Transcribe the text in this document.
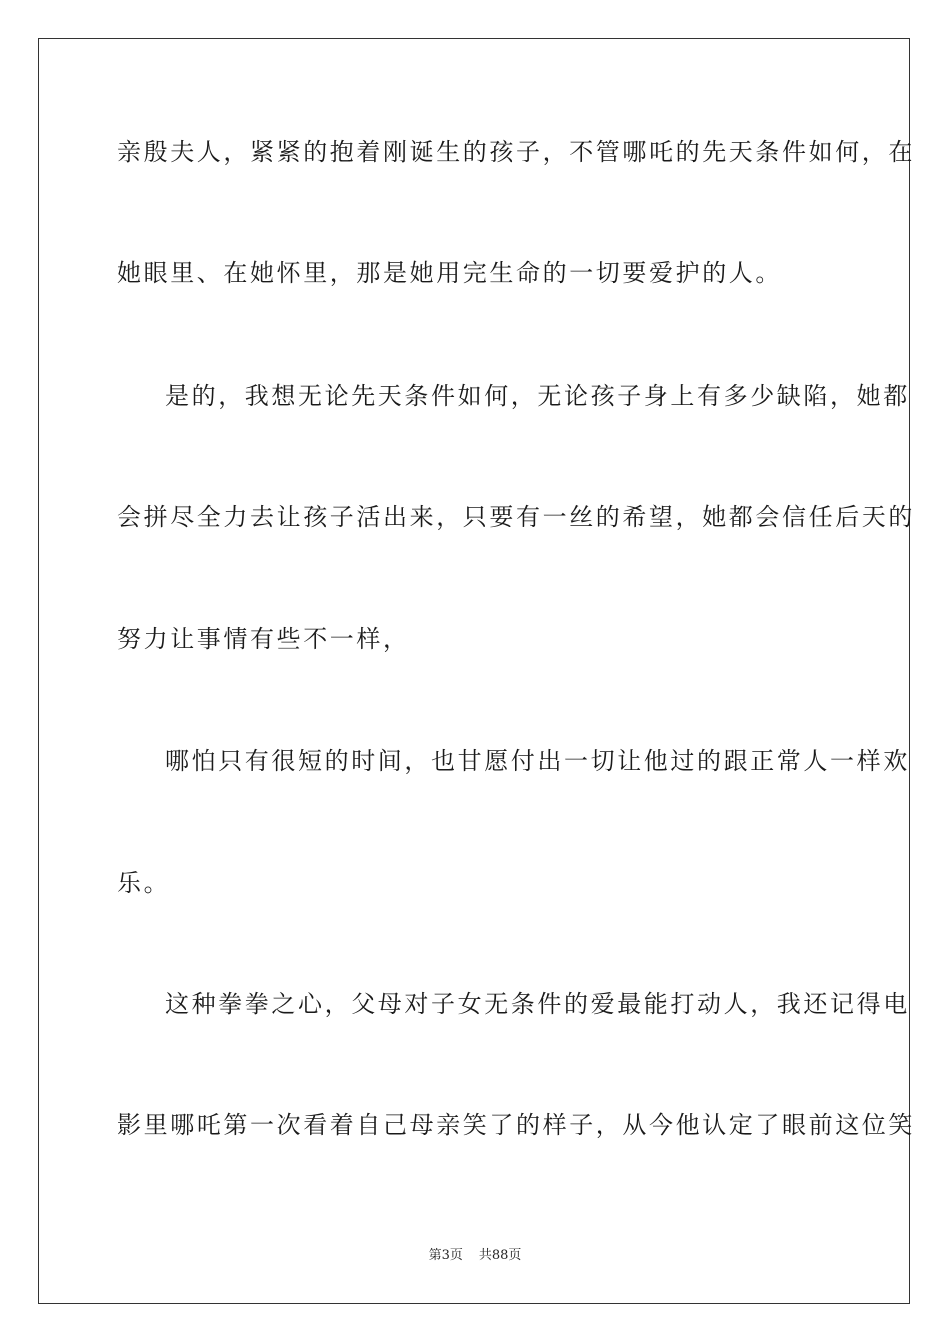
亲殷夫人，紧紧的抱着刚诞生的孩子，不管哪吒的先天条件如何，在
她眼里、在她怀里，那是她用完生命的一切要爱护的人。
是的，我想无论先天条件如何，无论孩子身上有多少缺陷，她都
会拼尽全力去让孩子活出来，只要有一丝的希望，她都会信任后天的
努力让事情有些不一样，
哪怕只有很短的时间，也甘愿付出一切让他过的跟正常人一样欢
乐。
这种拳拳之心，父母对子女无条件的爱最能打动人，我还记得电
影里哪吒第一次看着自己母亲笑了的样子，从今他认定了眼前这位笑
第3页 共88页
